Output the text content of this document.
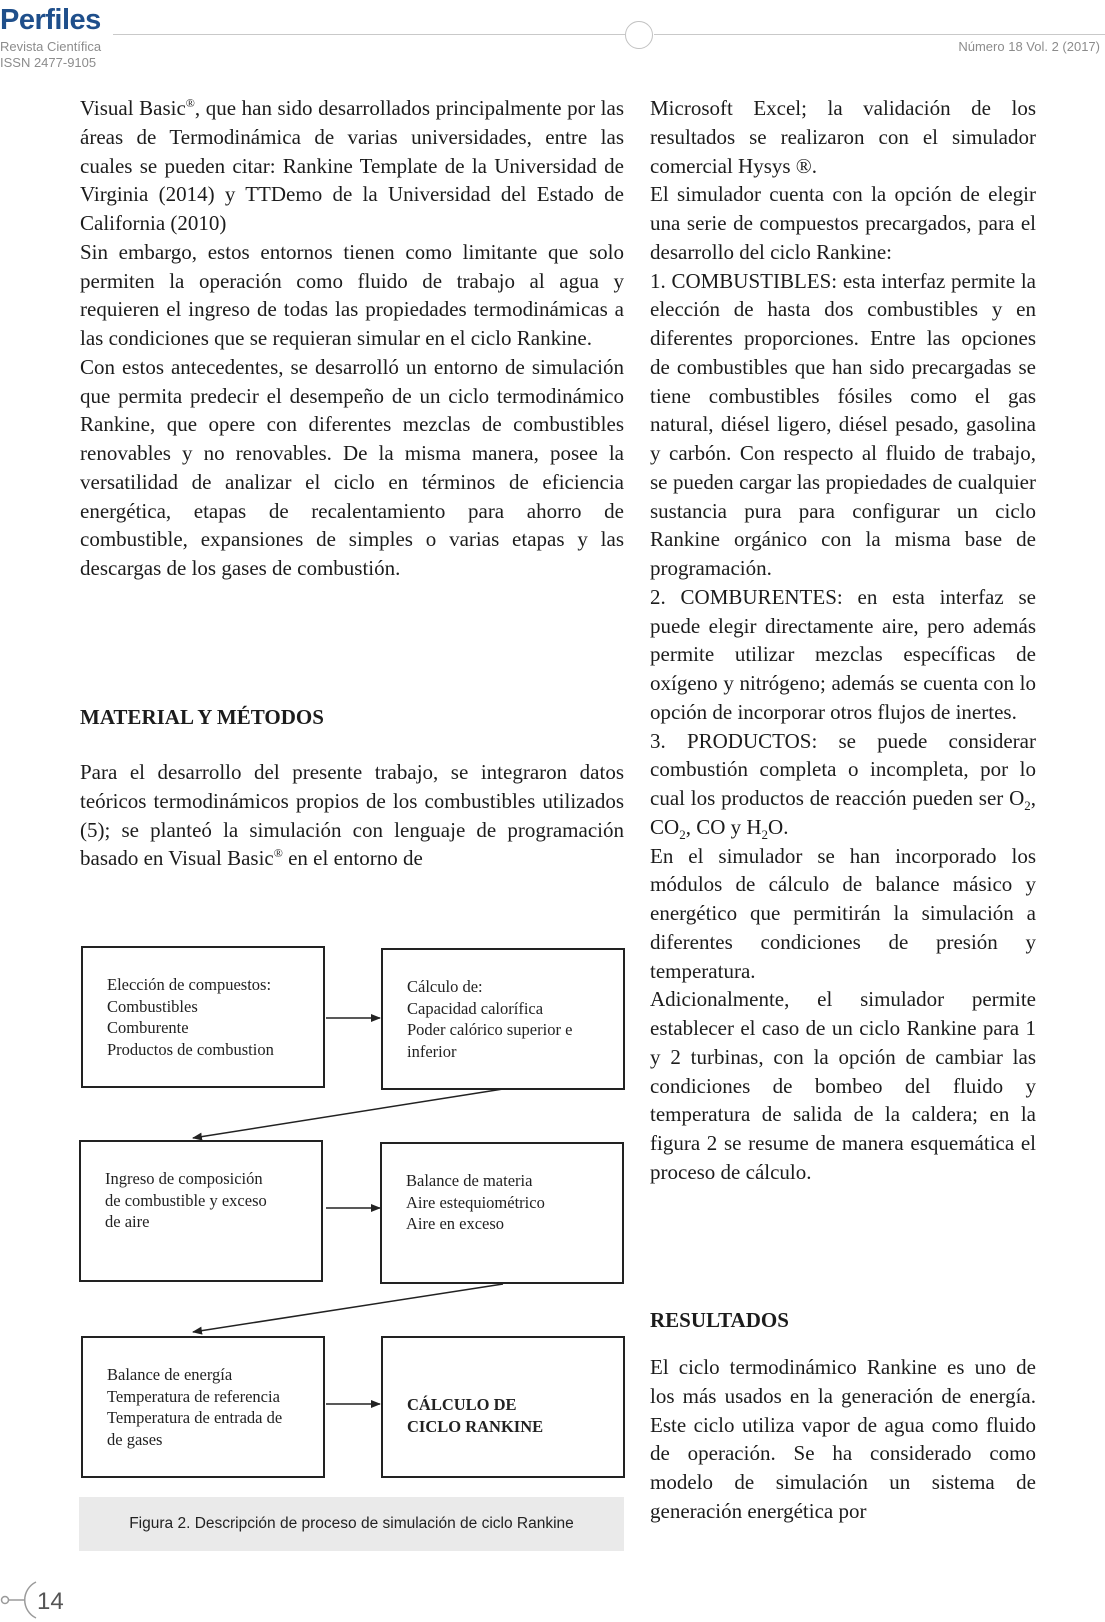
Perfiles
Revista Científica
ISSN 2477-9105
Número 18 Vol. 2 (2017)

Visual Basic®, que han sido desarrollados principalmente por las áreas de Termodinámica de varias universidades, entre las cuales se pueden citar: Rankine Template de la Universidad de Virginia (2014) y TTDemo de la Universidad del Estado de California (2010)

Sin embargo, estos entornos tienen como limitante que solo permiten la operación como fluido de trabajo al agua y requieren el ingreso de todas las propiedades termodinámicas a las condiciones que se requieran simular en el ciclo Rankine.

Con estos antecedentes, se desarrolló un entorno de simulación que permita predecir el desempeño de un ciclo termodinámico Rankine, que opere con diferentes mezclas de combustibles renovables y no renovables. De la misma manera, posee la versatilidad de analizar el ciclo en términos de eficiencia energética, etapas de recalentamiento para ahorro de combustible, expansiones de simples o varias etapas y las descargas de los gases de combustión.

MATERIAL Y MÉTODOS

Para el desarrollo del presente trabajo, se integraron datos teóricos termodinámicos propios de los combustibles utilizados (5); se planteó la simulación con lenguaje de programación basado en Visual Basic® en el entorno de

Elección de compuestos:
Combustibles
Comburente
Productos de combustion
Cálculo de:
Capacidad calorífica
Poder calórico superior e
inferior
Ingreso de composición
de combustible y exceso
de aire
Balance de materia
Aire estequiométrico
Aire en exceso
Balance de energía
Temperatura de referencia
Temperatura de entrada de
de gases
CÁLCULO DE
CICLO RANKINE
Figura 2. Descripción de proceso de simulación de ciclo Rankine

Microsoft Excel; la validación de los resultados se realizaron con el simulador comercial Hysys ®.

El simulador cuenta con la opción de elegir una serie de compuestos precargados, para el desarrollo del ciclo Rankine:

1. COMBUSTIBLES: esta interfaz permite la elección de hasta dos combustibles y en diferentes proporciones. Entre las opciones de combustibles que han sido precargadas se tiene combustibles fósiles como el gas natural, diésel ligero, diésel pesado, gasolina y carbón. Con respecto al fluido de trabajo, se pueden cargar las propiedades de cualquier sustancia pura para configurar un ciclo Rankine orgánico con la misma base de programación.

2. COMBURENTES: en esta interfaz se puede elegir directamente aire, pero además permite utilizar mezclas específicas de oxígeno y nitrógeno; además se cuenta con lo opción de incorporar otros flujos de inertes.

3. PRODUCTOS: se puede considerar combustión completa o incompleta, por lo cual los productos de reacción pueden ser $O_2$, $CO_2$, CO y $H_2O$.

En el simulador se han incorporado los módulos de cálculo de balance másico y energético que permitirán la simulación a diferentes condiciones de presión y temperatura.

Adicionalmente, el simulador permite establecer el caso de un ciclo Rankine para 1 y 2 turbinas, con la opción de cambiar las condiciones de bombeo del fluido y temperatura de salida de la caldera; en la figura 2 se resume de manera esquemática el proceso de cálculo.

RESULTADOS

El ciclo termodinámico Rankine es uno de los más usados en la generación de energía. Este ciclo utiliza vapor de agua como fluido de operación. Se ha considerado como modelo de simulación un sistema de generación energética por

14
